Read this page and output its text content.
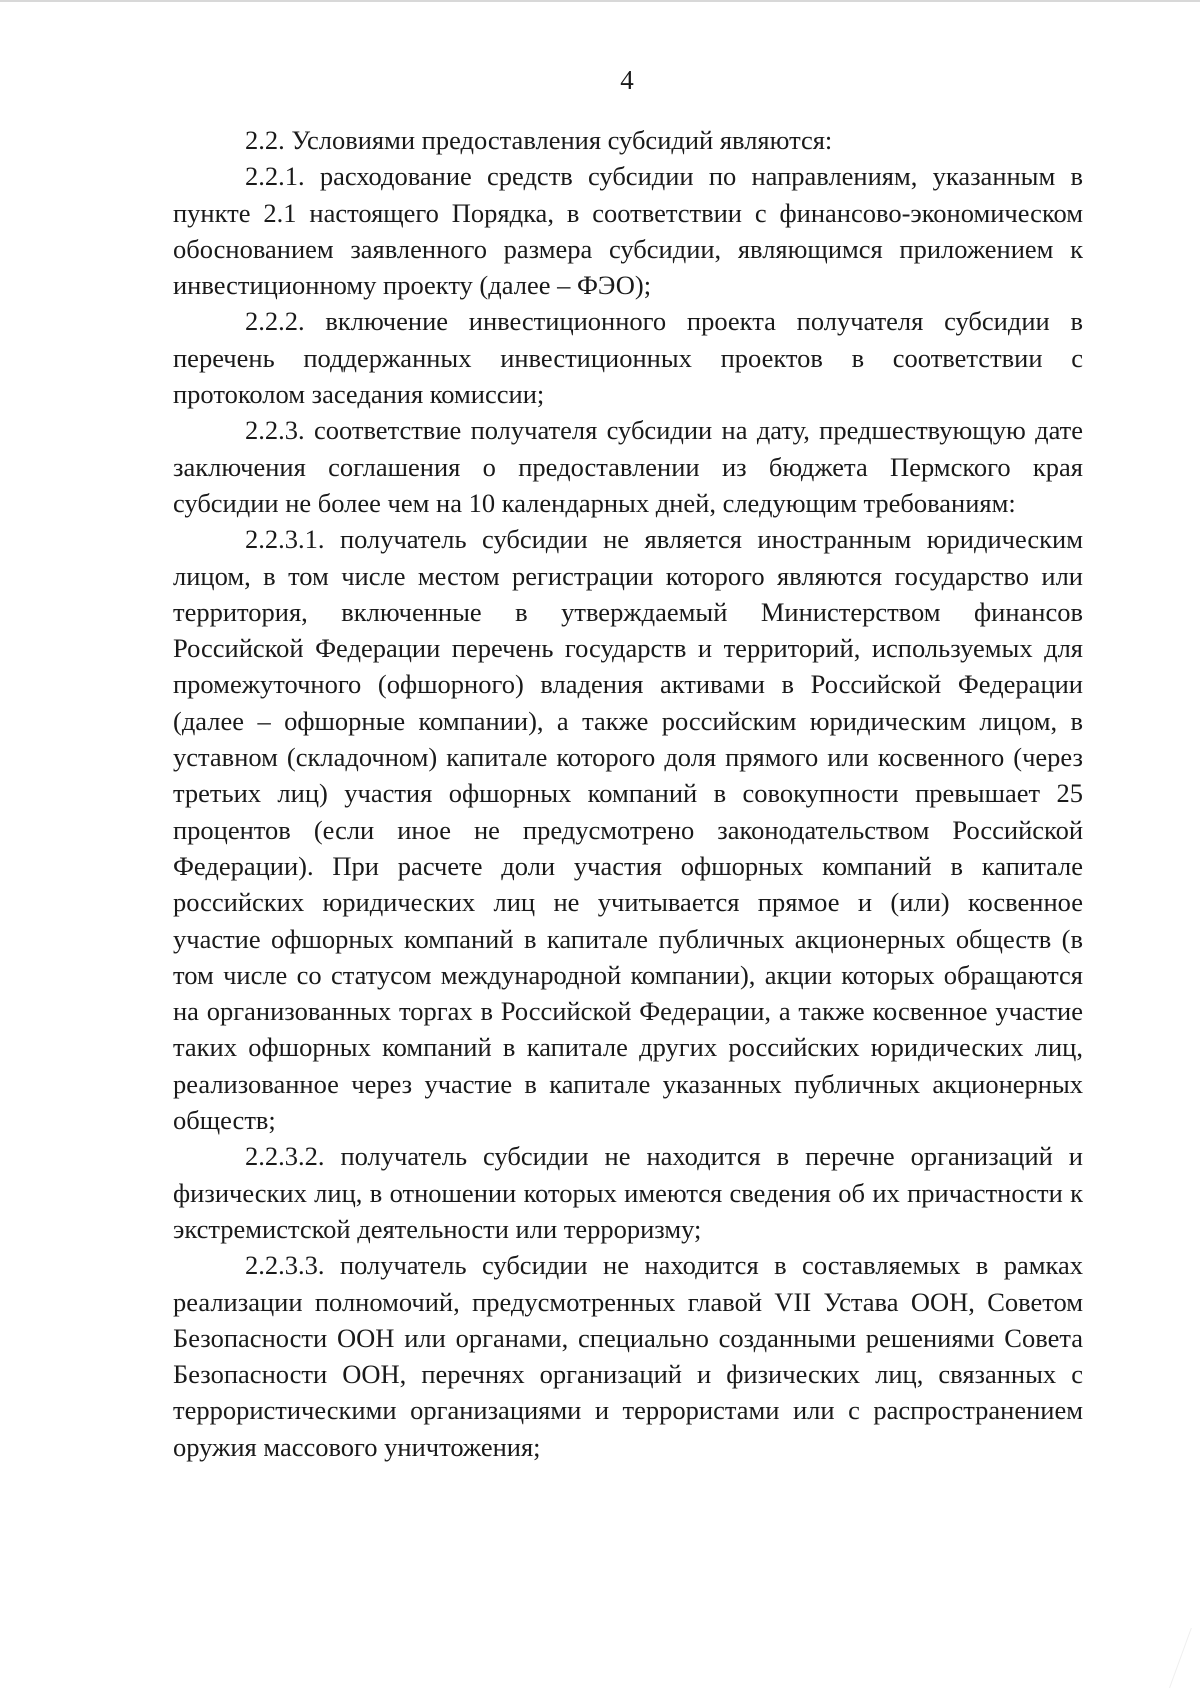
4

2.2. Условиями предоставления субсидий являются:

2.2.1. расходование средств субсидии по направлениям, указанным в пункте 2.1 настоящего Порядка, в соответствии с финансово-экономическом обоснованием заявленного размера субсидии, являющимся приложением к инвестиционному проекту (далее – ФЭО);

2.2.2. включение инвестиционного проекта получателя субсидии в перечень поддержанных инвестиционных проектов в соответствии с протоколом заседания комиссии;

2.2.3. соответствие получателя субсидии на дату, предшествующую дате заключения соглашения о предоставлении из бюджета Пермского края субсидии не более чем на 10 календарных дней, следующим требованиям:

2.2.3.1. получатель субсидии не является иностранным юридическим лицом, в том числе местом регистрации которого являются государство или территория, включенные в утверждаемый Министерством финансов Российской Федерации перечень государств и территорий, используемых для промежуточного (офшорного) владения активами в Российской Федерации (далее – офшорные компании), а также российским юридическим лицом, в уставном (складочном) капитале которого доля прямого или косвенного (через третьих лиц) участия офшорных компаний в совокупности превышает 25 процентов (если иное не предусмотрено законодательством Российской Федерации). При расчете доли участия офшорных компаний в капитале российских юридических лиц не учитывается прямое и (или) косвенное участие офшорных компаний в капитале публичных акционерных обществ (в том числе со статусом международной компании), акции которых обращаются на организованных торгах в Российской Федерации, а также косвенное участие таких офшорных компаний в капитале других российских юридических лиц, реализованное через участие в капитале указанных публичных акционерных обществ;

2.2.3.2. получатель субсидии не находится в перечне организаций и физических лиц, в отношении которых имеются сведения об их причастности к экстремистской деятельности или терроризму;

2.2.3.3. получатель субсидии не находится в составляемых в рамках реализации полномочий, предусмотренных главой VII Устава ООН, Советом Безопасности ООН или органами, специально созданными решениями Совета Безопасности ООН, перечнях организаций и физических лиц, связанных с террористическими организациями и террористами или с распространением оружия массового уничтожения;
